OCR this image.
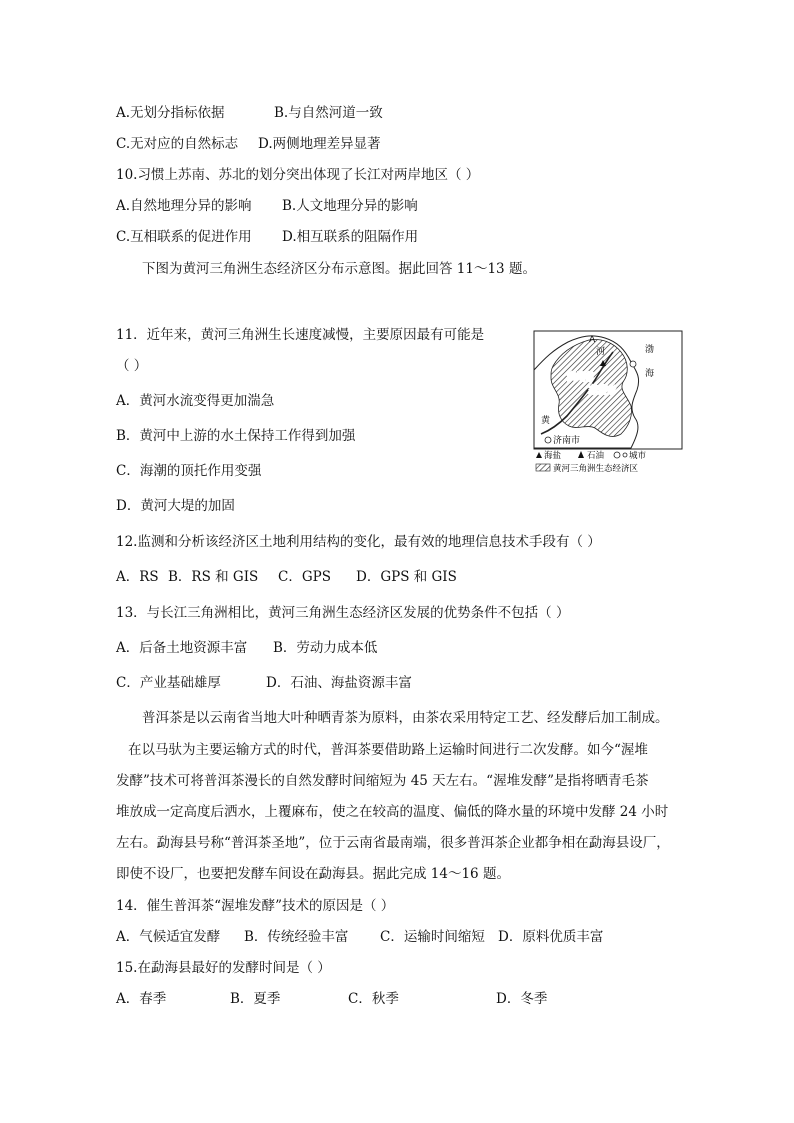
A.无划分指标依据	B.与自然河道一致
C.无对应的自然标志 D.两侧地理差异显著
10.习惯上苏南、苏北的划分突出体现了长江对两岸地区（ ）
A.自然地理分异的影响 B.人文地理分异的影响
C.互相联系的促进作用 D.相互联系的阻隔作用
下图为黄河三角洲生态经济区分布示意图。据此回答 11～13 题。
11．近年来，黄河三角洲生长速度减慢，主要原因最有可能是
（ ）
A．黄河水流变得更加湍急
B．黄河中上游的水土保持工作得到加强
C．海潮的顶托作用变强
D．黄河大堤的加固
渤
海
河
黄
A
滨州市
东营市
济南市
海盐	石油	城市
黄河三角洲生态经济区
12.监测和分析该经济区土地利用结构的变化，最有效的地理信息技术手段有（ ）
A．RS B．RS 和 GIS C．GPS D．GPS 和 GIS
13．与长江三角洲相比，黄河三角洲生态经济区发展的优势条件不包括（ ）
A．后备土地资源丰富 B．劳动力成本低
C．产业基础雄厚	D．石油、海盐资源丰富
普洱茶是以云南省当地大叶种晒青茶为原料，由茶农采用特定工艺、经发酵后加工制成。
在以马驮为主要运输方式的时代，普洱茶要借助路上运输时间进行二次发酵。如今“渥堆
发酵”技术可将普洱茶漫长的自然发酵时间缩短为 45 天左右。“渥堆发酵”是指将晒青毛茶
堆放成一定高度后洒水，上覆麻布，使之在较高的温度、偏低的降水量的环境中发酵 24 小时
左右。勐海县号称“普洱茶圣地”，位于云南省最南端，很多普洱茶企业都争相在勐海县设厂，
即使不设厂，也要把发酵车间设在勐海县。据此完成 14～16 题。
14．催生普洱茶“渥堆发酵”技术的原因是（ ）
A．气候适宜发酵 B．传统经验丰富 C．运输时间缩短 D．原料优质丰富
15.在勐海县最好的发酵时间是（ ）
A．春季	B．夏季	C．秋季	D．冬季
